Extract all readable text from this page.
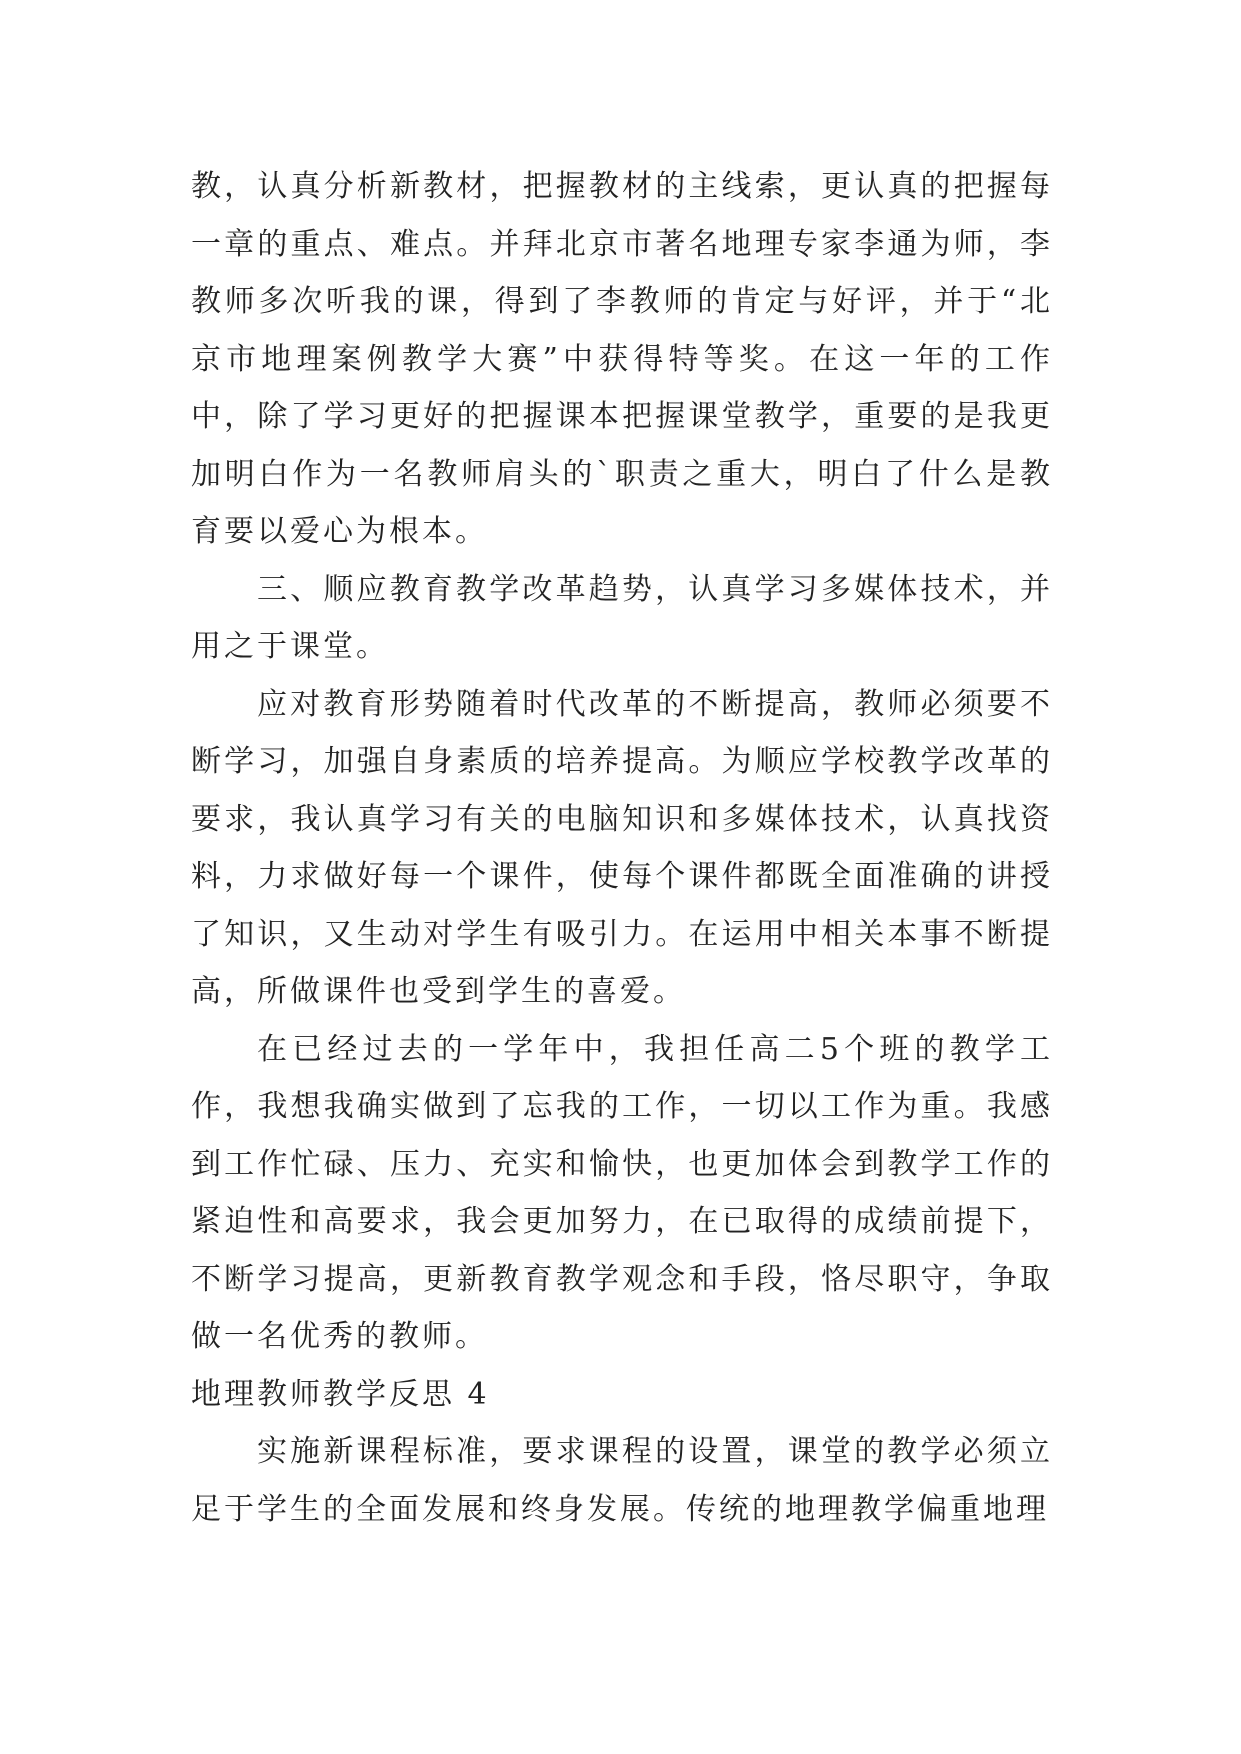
教，认真分析新教材，把握教材的主线索，更认真的把握每一章的重点、难点。并拜北京市著名地理专家李通为师，李教师多次听我的课，得到了李教师的肯定与好评，并于“北京市地理案例教学大赛”中获得特等奖。在这一年的工作中，除了学习更好的把握课本把握课堂教学，重要的是我更加明白作为一名教师肩头的`职责之重大，明白了什么是教育要以爱心为根本。

三、顺应教育教学改革趋势，认真学习多媒体技术，并用之于课堂。

应对教育形势随着时代改革的不断提高，教师必须要不断学习，加强自身素质的培养提高。为顺应学校教学改革的要求，我认真学习有关的电脑知识和多媒体技术，认真找资料，力求做好每一个课件，使每个课件都既全面准确的讲授了知识，又生动对学生有吸引力。在运用中相关本事不断提高，所做课件也受到学生的喜爱。

在已经过去的一学年中，我担任高二5个班的教学工作，我想我确实做到了忘我的工作，一切以工作为重。我感到工作忙碌、压力、充实和愉快，也更加体会到教学工作的紧迫性和高要求，我会更加努力，在已取得的成绩前提下，不断学习提高，更新教育教学观念和手段，恪尽职守，争取做一名优秀的教师。

地理教师教学反思 4

实施新课程标准，要求课程的设置，课堂的教学必须立足于学生的全面发展和终身发展。传统的地理教学偏重地理
